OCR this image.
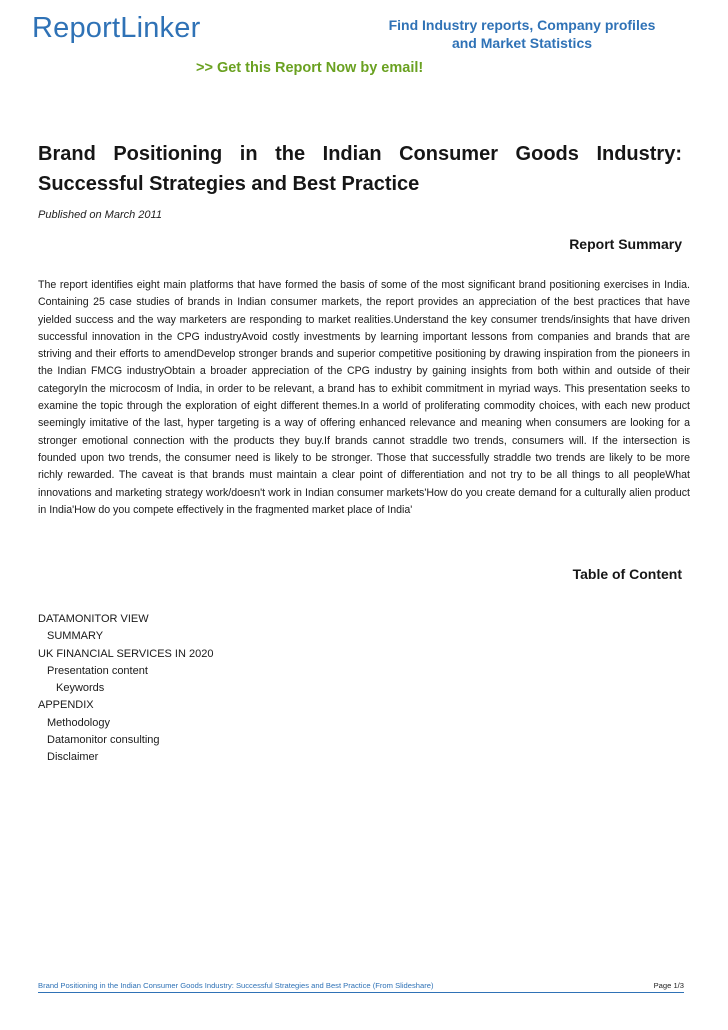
ReportLinker	Find Industry reports, Company profiles
and Market Statistics
>> Get this Report Now by email!
Brand Positioning in the Indian Consumer Goods Industry: Successful Strategies and Best Practice
Published on March 2011
Report Summary

The report identifies eight main platforms that have formed the basis of some of the most significant brand positioning exercises in India. Containing 25 case studies of brands in Indian consumer markets, the report provides an appreciation of the best practices that have yielded success and the way marketers are responding to market realities.Understand the key consumer trends/insights that have driven successful innovation in the CPG industryAvoid costly investments by learning important lessons from companies and brands that are striving and their efforts to amendDevelop stronger brands and superior competitive positioning by drawing inspiration from the pioneers in the Indian FMCG industryObtain a broader appreciation of the CPG industry by gaining insights from both within and outside of their categoryIn the microcosm of India, in order to be relevant, a brand has to exhibit commitment in myriad ways. This presentation seeks to examine the topic through the exploration of eight different themes.In a world of proliferating commodity choices, with each new product seemingly imitative of the last, hyper targeting is a way of offering enhanced relevance and meaning when consumers are looking for a stronger emotional connection with the products they buy.If brands cannot straddle two trends, consumers will. If the intersection is founded upon two trends, the consumer need is likely to be stronger. Those that successfully straddle two trends are likely to be more richly rewarded. The caveat is that brands must maintain a clear point of differentiation and not try to be all things to all peopleWhat innovations and marketing strategy work/doesn't work in Indian consumer markets'How do you create demand for a culturally alien product in India'How do you compete effectively in the fragmented market place of India'

Table of Content
DATAMONITOR VIEW
SUMMARY
UK FINANCIAL SERVICES IN 2020
Presentation content
Keywords
APPENDIX
Methodology
Datamonitor consulting
Disclaimer
Brand Positioning in the Indian Consumer Goods Industry: Successful Strategies and Best Practice (From Slideshare)	Page 1/3
